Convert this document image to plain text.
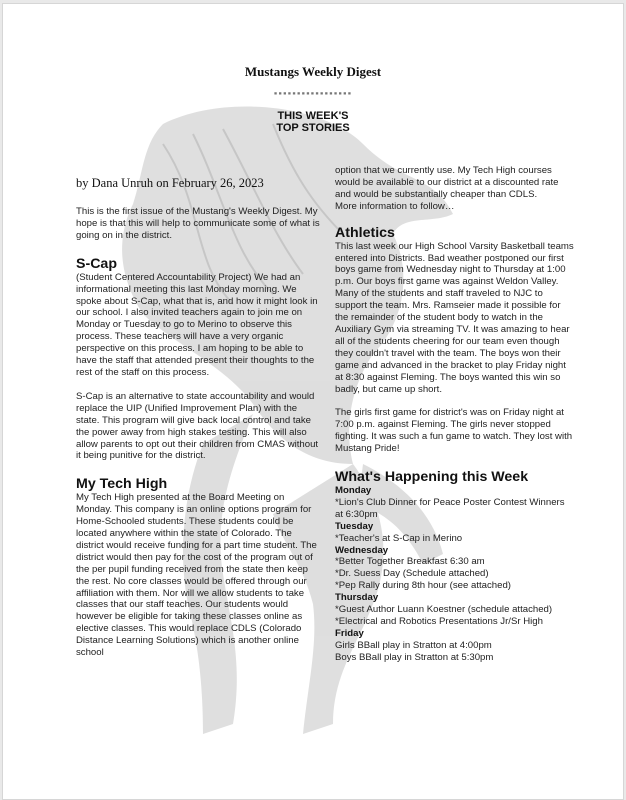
Mustangs Weekly Digest
▪▪▪▪▪▪▪▪▪▪▪▪▪▪▪▪▪
THIS WEEK'S
TOP STORIES
by Dana Unruh on February 26, 2023

This is the first issue of the Mustang's Weekly Digest. My hope is that this will help to communicate some of what is going on in the district.

S-Cap

(Student Centered Accountability Project) We had an informational meeting this last Monday morning. We spoke about S-Cap, what that is, and how it might look in our school. I also invited teachers again to join me on Monday or Tuesday to go to Merino to observe this process. These teachers will have a very organic perspective on this process. I am hoping to be able to have the staff that attended present their thoughts to the rest of the staff on this process.

S-Cap is an alternative to state accountability and would replace the UIP (Unified Improvement Plan) with the state. This program will give back local control and take the power away from high stakes testing. This will also allow parents to opt out their children from CMAS without it being punitive for the district.

My Tech High

My Tech High presented at the Board Meeting on Monday. This company is an online options program for Home-Schooled students. These students could be located anywhere within the state of Colorado. The district would receive funding for a part time student. The district would then pay for the cost of the program out of the per pupil funding received from the state then keep the rest. No core classes would be offered through our affiliation with them. Nor will we allow students to take classes that our staff teaches. Our students would however be eligible for taking these classes online as elective classes. This would replace CDLS (Colorado Distance Learning Solutions) which is another online school

option that we currently use. My Tech High courses would be available to our district at a discounted rate and would be substantially cheaper than CDLS.

More information to follow…

Athletics

This last week our High School Varsity Basketball teams entered into Districts. Bad weather postponed our first boys game from Wednesday night to Thursday at 1:00 p.m. Our boys first game was against Weldon Valley. Many of the students and staff traveled to NJC to support the team. Mrs. Ramseier made it possible for the remainder of the student body to watch in the Auxiliary Gym via streaming TV. It was amazing to hear all of the students cheering for our team even though they couldn't travel with the team. The boys won their game and advanced in the bracket to play Friday night at 8:30 against Fleming. The boys wanted this win so badly, but came up short.

The girls first game for district's was on Friday night at 7:00 p.m. against Fleming. The girls never stopped fighting. It was such a fun game to watch. They lost with Mustang Pride!

What's Happening this Week
Monday
*Lion's Club Dinner for Peace Poster Contest Winners at 6:30pm
Tuesday
*Teacher's at S-Cap in Merino
Wednesday
*Better Together Breakfast 6:30 am
*Dr. Suess Day (Schedule attached)
*Pep Rally during 8th hour (see attached)
Thursday
*Guest Author Luann Koestner (schedule attached)
*Electrical and Robotics Presentations Jr/Sr High
Friday
Girls BBall play in Stratton at 4:00pm
Boys BBall play in Stratton at 5:30pm
